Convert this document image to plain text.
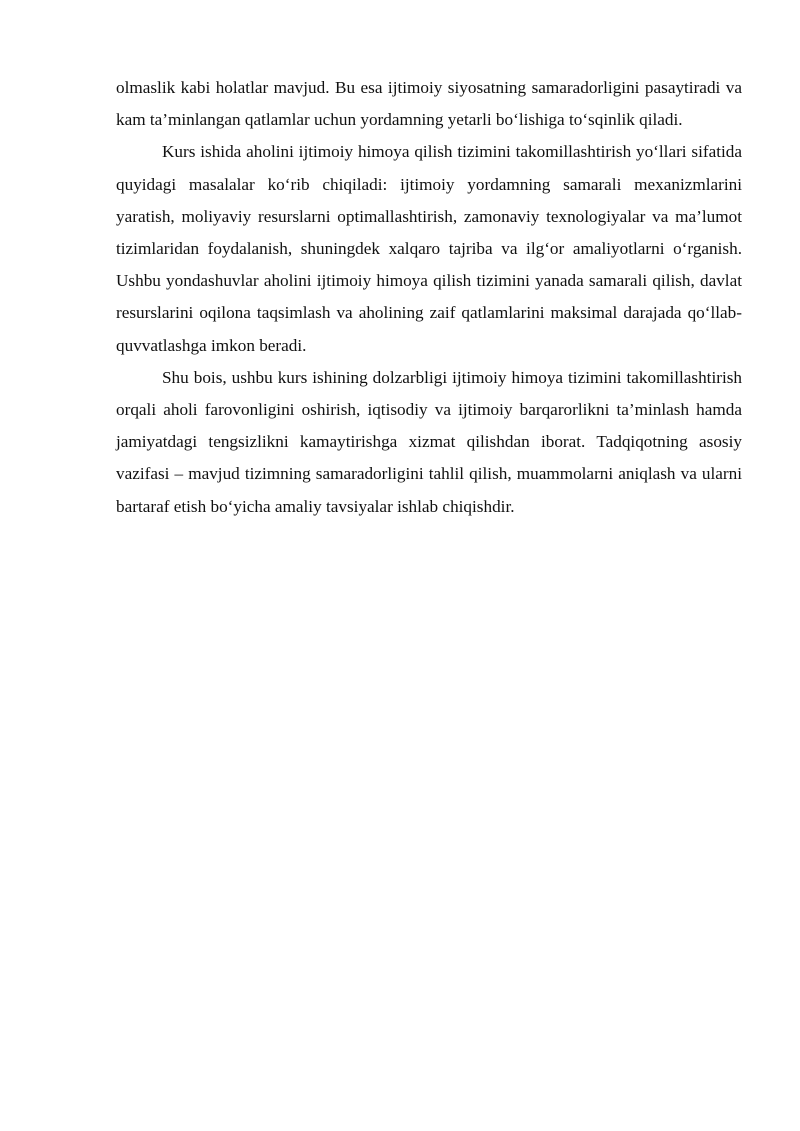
olmaslik kabi holatlar mavjud. Bu esa ijtimoiy siyosatning samaradorligini pasaytiradi va kam ta’minlangan qatlamlar uchun yordamning yetarli bo‘lishiga to‘sqinlik qiladi.

Kurs ishida aholini ijtimoiy himoya qilish tizimini takomillashtirish yo‘llari sifatida quyidagi masalalar ko‘rib chiqiladi: ijtimoiy yordamning samarali mexanizmlarini yaratish, moliyaviy resurslarni optimallashtirish, zamonaviy texnologiyalar va ma’lumot tizimlaridan foydalanish, shuningdek xalqaro tajriba va ilg‘or amaliyotlarni o‘rganish. Ushbu yondashuvlar aholini ijtimoiy himoya qilish tizimini yanada samarali qilish, davlat resurslarini oqilona taqsimlash va aholining zaif qatlamlarini maksimal darajada qo‘llab-quvvatlashga imkon beradi.

Shu bois, ushbu kurs ishining dolzarbligi ijtimoiy himoya tizimini takomillashtirish orqali aholi farovonligini oshirish, iqtisodiy va ijtimoiy barqarorlikni ta’minlash hamda jamiyatdagi tengsizlikni kamaytirishga xizmat qilishdan iborat. Tadqiqotning asosiy vazifasi – mavjud tizimning samaradorligini tahlil qilish, muammolarni aniqlash va ularni bartaraf etish bo‘yicha amaliy tavsiyalar ishlab chiqishdir.
